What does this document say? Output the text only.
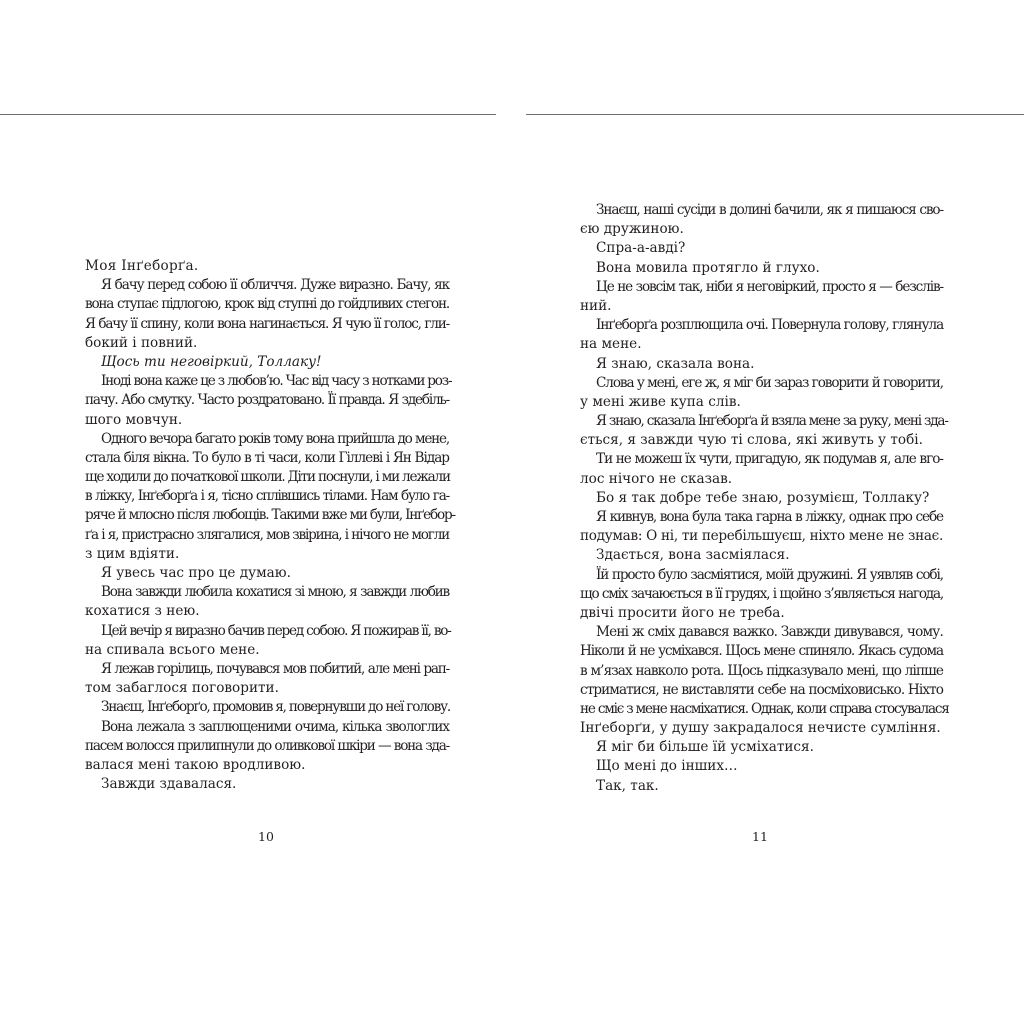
Моя Інґеборґа.
Я бачу перед собою її обличчя. Дуже виразно. Бачу, як
вона ступає підлогою, крок від ступні до гойдливих стегон.
Я бачу її спину, коли вона нагинається. Я чую її голос, гли-
бокий і повний.
Щось ти неговіркий, Толлаку!
Іноді вона каже це з любов’ю. Час від часу з нотками роз-
пачу. Або смутку. Часто роздратовано. Її правда. Я здебіль-
шого мовчун.
Одного вечора багато років тому вона прийшла до мене,
стала біля вікна. То було в ті часи, коли Гіллеві і Ян Відар
ще ходили до початкової школи. Діти поснули, і ми лежали
в ліжку, Інґеборґа і я, тісно сплівшись тілами. Нам було га-
ряче й млосно після любощів. Такими вже ми були, Інґебор-
ґа і я, пристрасно злягалися, мов звірина, і нічого не могли
з цим вдіяти.
Я увесь час про це думаю.
Вона завжди любила кохатися зі мною, я завжди любив
кохатися з нею.
Цей вечір я виразно бачив перед собою. Я пожирав її, во-
на спивала всього мене.
Я лежав горілиць, почувався мов побитий, але мені рап-
том забаглося поговорити.
Знаєш, Інґеборґо, промовив я, повернувши до неї голову.
Вона лежала з заплющеними очима, кілька звологлих
пасем волосся прилипнули до оливкової шкіри — вона зда-
валася мені такою вродливою.
Завжди здавалася.
Знаєш, наші сусіди в долині бачили, як я пишаюся сво-
єю дружиною.
Спра-а-авді?
Вона мовила протягло й глухо.
Це не зовсім так, ніби я неговіркий, просто я — безслів-
ний.
Інґеборґа розплющила очі. Повернула голову, глянула
на мене.
Я знаю, сказала вона.
Слова у мені, еге ж, я міг би зараз говорити й говорити,
у мені живе купа слів.
Я знаю, сказала Інґеборґа й взяла мене за руку, мені зда-
ється, я завжди чую ті слова, які живуть у тобі.
Ти не можеш їх чути, пригадую, як подумав я, але вго-
лос нічого не сказав.
Бо я так добре тебе знаю, розумієш, Толлаку?
Я кивнув, вона була така гарна в ліжку, однак про себе
подумав: О ні, ти перебільшуєш, ніхто мене не знає.
Здається, вона засміялася.
Їй просто було засміятися, моїй дружині. Я уявляв собі,
що сміх зачаюється в її грудях, і щойно з’являється нагода,
двічі просити його не треба.
Мені ж сміх давався важко. Завжди дивувався, чому.
Ніколи й не усміхався. Щось мене спиняло. Якась судома
в м’язах навколо рота. Щось підказувало мені, що ліпше
стриматися, не виставляти себе на посміховисько. Ніхто
не сміє з мене насміхатися. Однак, коли справа стосувалася
Інґеборґи, у душу закрадалося нечисте сумління.
Я міг би більше їй усміхатися.
Що мені до інших…
Так, так.
10	11
